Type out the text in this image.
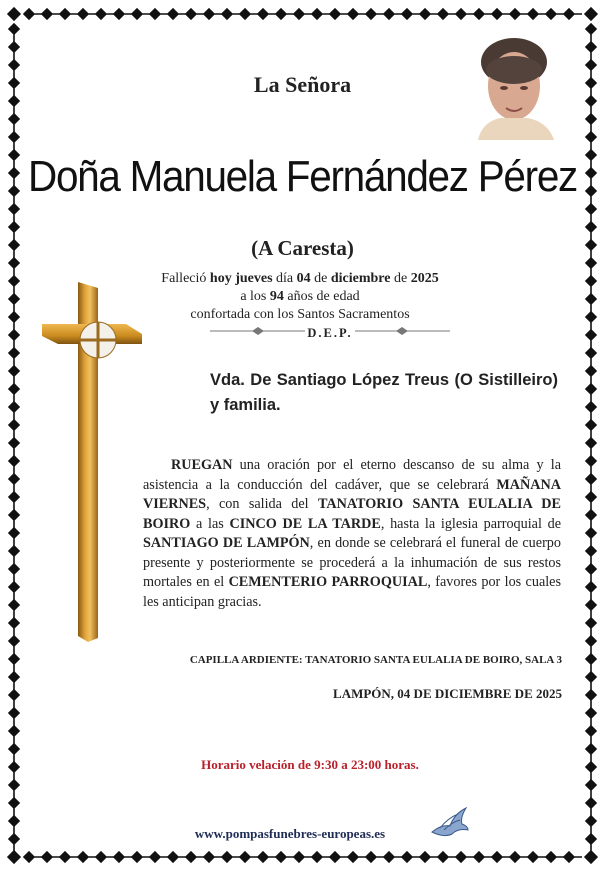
La Señora
Doña Manuela Fernández Pérez
(A Caresta)
Falleció hoy jueves día 04 de diciembre de 2025
a los 94 años de edad
confortada con los Santos Sacramentos
D.E.P.
Vda. De Santiago López Treus (O Sistilleiro) y familia.

RUEGAN una oración por el eterno descanso de su alma y la asistencia a la conducción del cadáver, que se celebrará MAÑANA VIERNES, con salida del TANATORIO SANTA EULALIA DE BOIRO a las CINCO DE LA TARDE, hasta la iglesia parroquial de SANTIAGO DE LAMPÓN, en donde se celebrará el funeral de cuerpo presente y posteriormente se procederá a la inhumación de sus restos mortales en el CEMENTERIO PARROQUIAL, favores por los cuales les anticipan gracias.

CAPILLA ARDIENTE: TANATORIO SANTA EULALIA DE BOIRO, SALA 3
LAMPÓN, 04 DE DICIEMBRE DE 2025
Horario velación de 9:30 a 23:00 horas.
www.pompasfunebres-europeas.es
